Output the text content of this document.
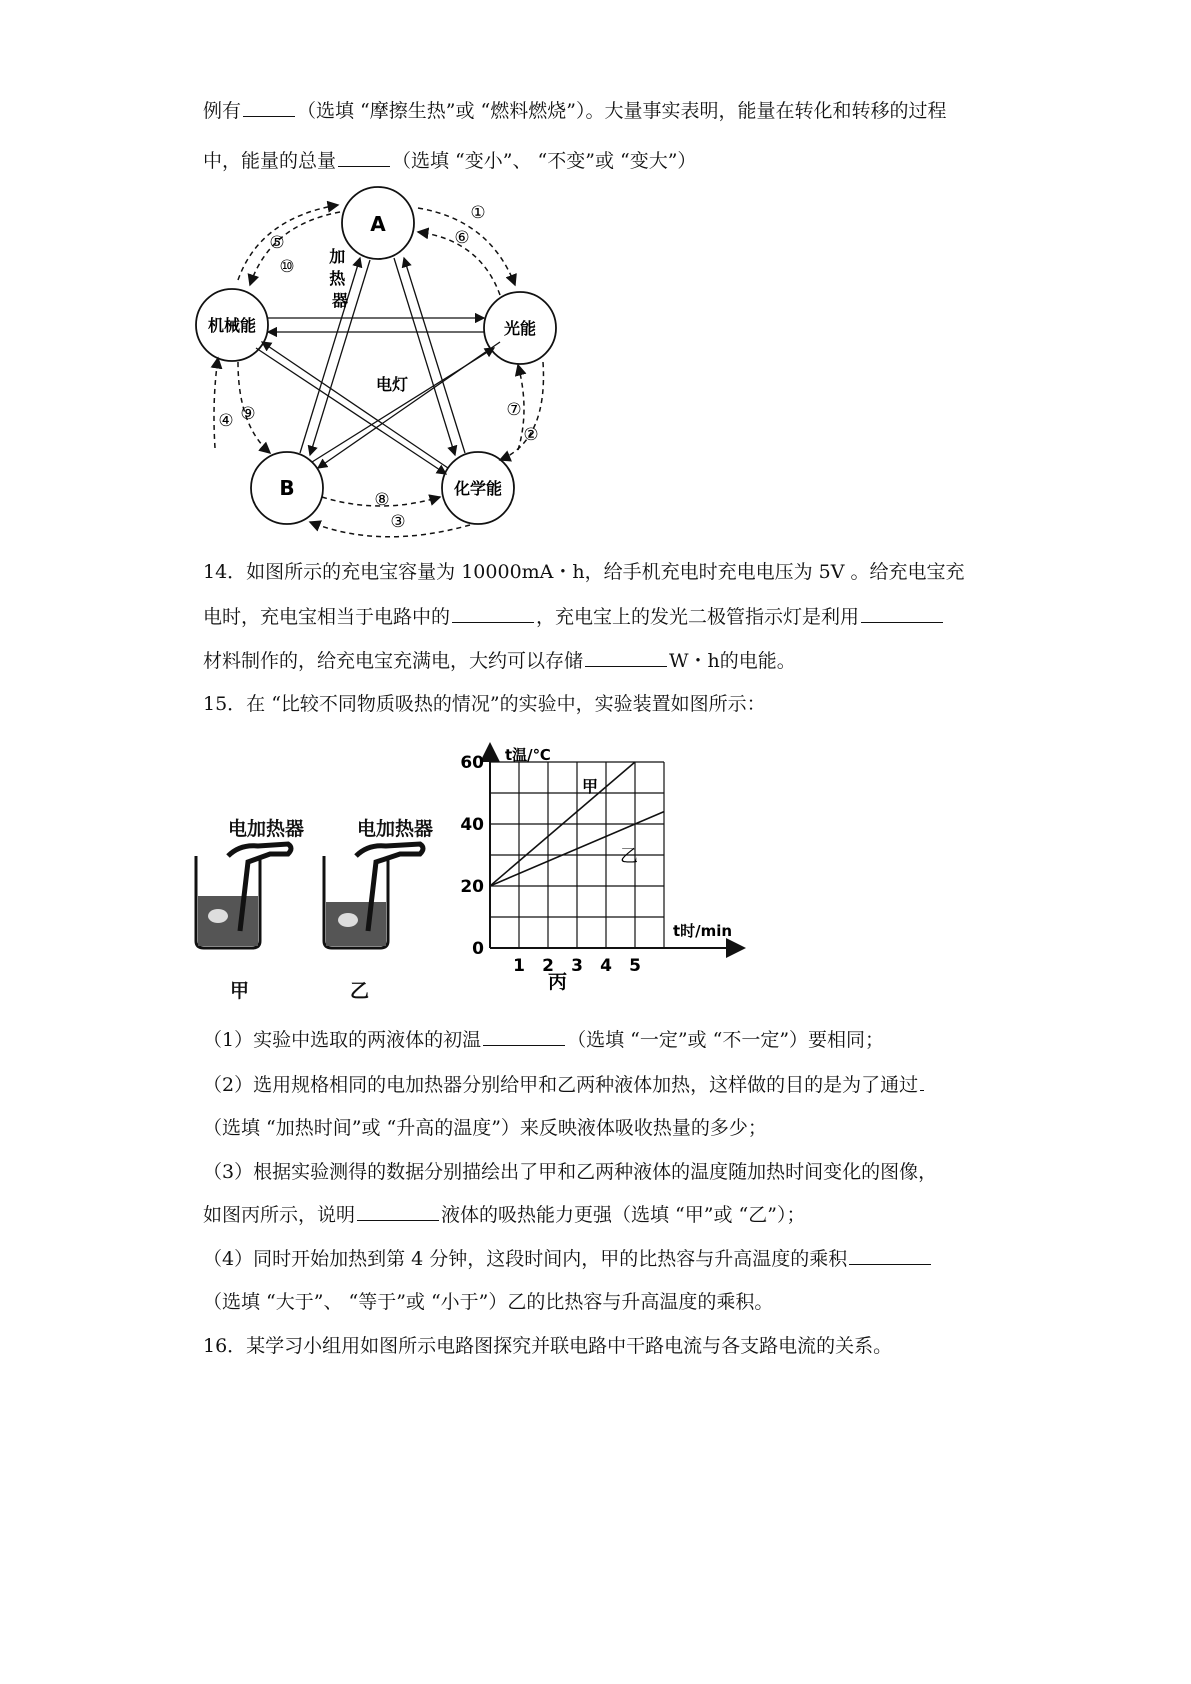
例有	（选填 “摩擦生热”或 “燃料燃烧”）。大量事实表明，能量在转化和转移的过程
中，能量的总量	（选填 “变小”、 “不变”或 “变大”）
A
机械能	光能
B	化学能
加 热 器
电灯
①
⑥
⑤
⑩
④ ⑨	⑦
②
⑧
③
14．如图所示的充电宝容量为 10000mA・h，给手机充电时充电电压为 5V 。给充电宝充
电时，充电宝相当于电路中的	，充电宝上的发光二极管指示灯是利用
材料制作的，给充电宝充满电，大约可以存储	W・h的电能。
15．在 “比较不同物质吸热的情况”的实验中，实验装置如图所示：
电加热器	电加热器
甲	乙
0
20
40
60
1 2 3 4 5
t温/℃
t时/min
甲
乙
丙
（1）实验中选取的两液体的初温	（选填 “一定”或 “不一定”）要相同；
（2）选用规格相同的电加热器分别给甲和乙两种液体加热，这样做的目的是为了通过
（选填 “加热时间”或 “升高的温度”）来反映液体吸收热量的多少；
（3）根据实验测得的数据分别描绘出了甲和乙两种液体的温度随加热时间变化的图像，
如图丙所示，说明	液体的吸热能力更强（选填 “甲”或 “乙”）；
（4）同时开始加热到第 4 分钟，这段时间内，甲的比热容与升高温度的乘积
（选填 “大于”、 “等于”或 “小于”）乙的比热容与升高温度的乘积。
16．某学习小组用如图所示电路图探究并联电路中干路电流与各支路电流的关系。
